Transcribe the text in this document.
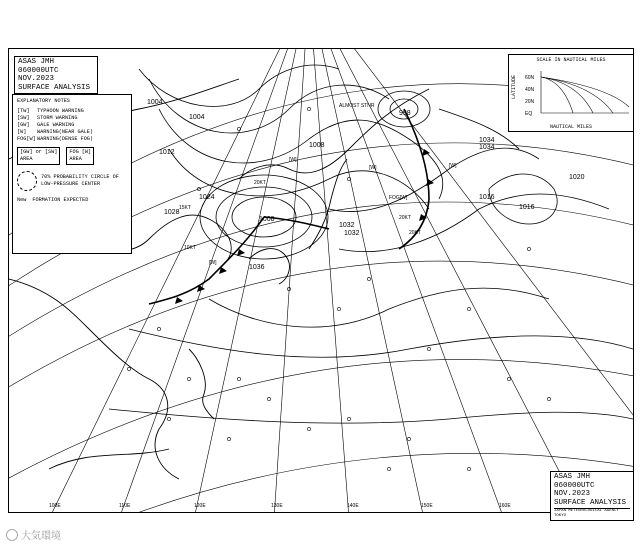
1004
1008
1012
1016
1020
1024
1028
1032
1034
1036
998
1004
1034
1032
1008
1016
[W]
[W]	[W]
FOG[W]
[W]
20KT
15KT
10KT
20KT
ALMOST STNR
20KT
100E	110E	120E	130E	140E	150E	160E
ASAS JMH
060000UTC NOV.2023
SURFACE ANALYSIS
EXPLANATORY NOTES
[TW]	TYPHOON WARNING
[SW]	STORM WARNING
[GW]	GALE WARNING
[W]	WARNING(NEAR GALE)
FOG[W] WARNING(DENSE FOG)
[GW] or [SW]
AREA
FOG [W]
AREA
70% PROBABILITY CIRCLE OF LOW-PRESSURE CENTER
New FORMATION EXPECTED
SCALE IN NAUTICAL MILES
LATITUDE 60N
40N
20N
EQ
NAUTICAL MILES
ASAS JMH
060000UTC NOV.2023
SURFACE ANALYSIS
JAPAN METEOROLOGICAL AGENCY TOKYO
大気環境
